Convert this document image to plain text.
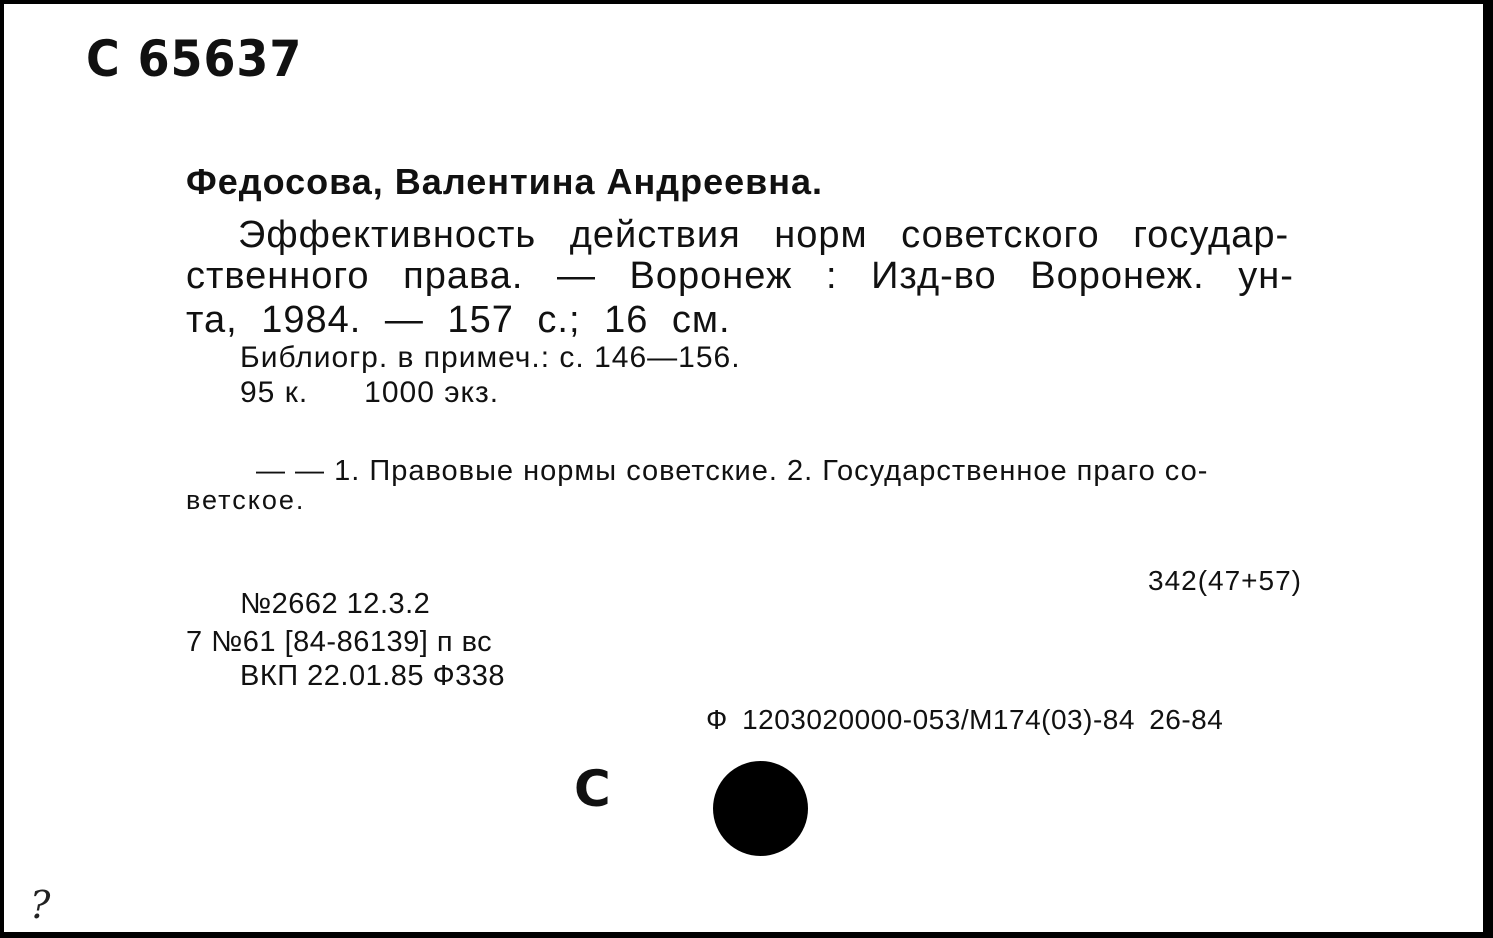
С 65637

Федосова, Валентина Андреевна.

Эффективность действия норм советского государ-

ственного права. — Воронеж : Изд-во Воронеж. ун-

та, 1984. — 157 с.; 16 см.

Библиогр. в примеч.: с. 146—156.

95 к. 1000 экз.

— — 1. Правовые нормы советские. 2. Государственное праго со-

ветское.

342(47+57)

№2662 12.3.2

7 №61 [84-86139] п вс

ВКП 22.01.85 Ф338

Ф 1203020000-053/М174(03)-84 26-84

С

?
